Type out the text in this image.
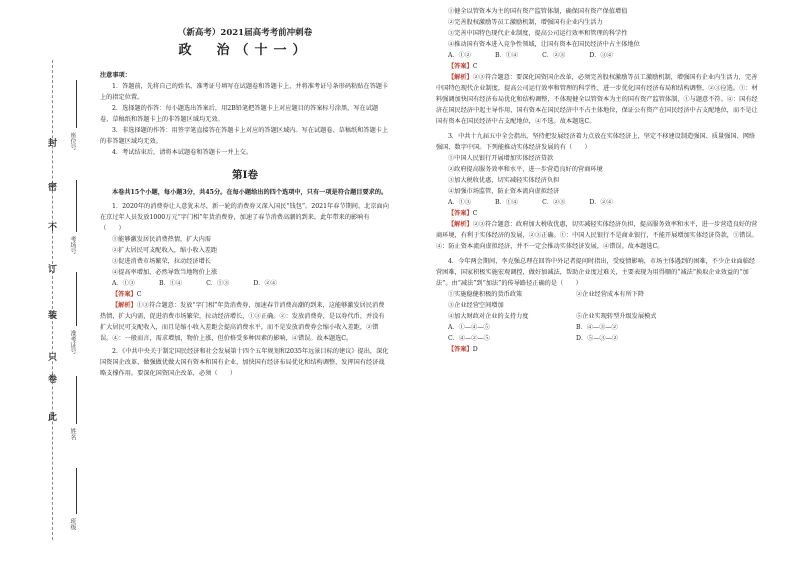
封
密
不
订
装
只
卷
此
座位号
考场号
准考证号
姓名
班级
（新高考）2021届高考考前冲刺卷
政　治（十一）
注意事项：

1．答题前，先将自己的姓名、准考证号填写在试题卷和答题卡上，并将准考证号条形码粘贴在答题卡上的指定位置。

2．选择题的作答：每小题选出答案后，用2B铅笔把答题卡上对应题目的答案标号涂黑，写在试题卷、草稿纸和答题卡上的非答题区域均无效。

3．非选择题的作答：用签字笔直接答在答题卡上对应的答题区域内。写在试题卷、草稿纸和答题卡上的非答题区域均无效。

4．考试结束后，请将本试题卷和答题卡一并上交。

第Ⅰ卷

本卷共15个小题，每小题3分，共45分。在每小题给出的四个选项中，只有一项是符合题目要求的。

1．2020年的消费券让人意犹未尽，新一轮的消费券又深入国民“钱包”。2021年春节期间，北京面向在京过年人员发放1000万元“字门相”年货消费券，加速了春节消费高潮的到来。此年带来的影响有（　　）

①能够激发居民消费热情，扩大内需

②扩大居民可支配收入，缩小收入差距

③促进消费市场繁荣，拉动经济增长

④提高率增加，必然导致当地物价上涨

A．①③	B．①④	C．①③	D．②④

【答案】C

【解析】①③符合题意：发放“字门相”年货消费券，加速春节消费高潮的到来，这能够激发居民消费热情，扩大内需，促进消费市场繁荣，拉动经济增长，①③正确。②：发放消费券，是以券代币，并没有扩大居民可支配收入，而且是缩小收入差距会提高消费水平，而不是发放消费券会缩小收入差距，②错误。④：一般而言，需求增加，物价上涨，但价格受多种因素的影响，④错误。故本题选C。

2．《中共中央关于制定国民经济和社会发展第十四个五年规划和2035年远景目标的建议》提出，深化国资国企改革，做强做优做大国有资本和国有企业，加快国有经济布局优化和结构调整，发挥国有经济战略支撑作用。要深化国资国企改革，必须（　　）

①健全以管资本为主的国有资产监管体制，确保国有资产保值增值

②完善股权激励等员工激励机制，增强国有企业内生活力

③完善中国特色现代企业制度，提高公司运行效率和管理的科学性

④推动国有资本进入竞争性领域，让国有资本在国民经济中占主体地位

A．①②	B．①④	C．②③	D．③④

【答案】C

【解析】②③符合题意：要深化国资国企改革，必须完善股权激励等员工激励机制，增强国有企业内生活力，完善中国特色现代企业制度，提高公司运行效率和管理的科学性，进一步优化国有经济布局和结构调整，②③应选。①：材料强调加快国有经济布局优化和结构调整，不体现健全以管资本为主的国有资产监管体制，①与题意不符。④：国有经济在国民经济中起主导作用，国有资本在国民经济中不占主体地位，保证公有资产在国民经济中占支配地位，而不是让国有资本在国民经济中占支配地位，④不选。故本题选C。

3．中共十九届五中全会指出，坚持把发展经济着力点放在实体经济上，坚定不移建设制造强国、质量强国、网络强国、数字中国。下列能推动实体经济发展的有（　　）

①中国人民银行开展增加实体经济贷款

②政府提高服务效率和水平，进一步营造良好的营商环境

③加大税收优惠，切实减轻实体经济负担

④加强市场监管，防止资本流向虚拟经济

A．①③	B．①④	C．②③	D．②④

【答案】C

【解析】②③符合题意：政府加大税收优惠，切实减轻实体经济负担，提高服务效率和水平，进一步营造良好的营商环境，有利于实体经济的发展，②③正确。①：中国人民银行不是商业银行，不能开展增加实体经济贷款，①错误。④：防止资本流向虚拟经济，并不一定会推动实体经济发展，④错误。故本题选C。

4．今年两会期间，李克强总理在回答中外记者提问时指出，受疫情影响，市场主体遇到的困难，不少企业面临经营困难，国家积极实施宏观调控，做好加减法，帮助企业度过难关，主要表现为用得顺的“减法”换取企业效益的“加法”。由“减法”到“加法”的传导路径正确的是（　　）

①实施稳健积极的货币政策	②企业经营成本有所下降

③企业经营空间增加

④加大财政对企业的支持力度	⑤企业实现转型升级发展模式

A．①—④—⑤	B．④—③—②

C．④—②—⑤	D．⑤—③—②

【答案】D
